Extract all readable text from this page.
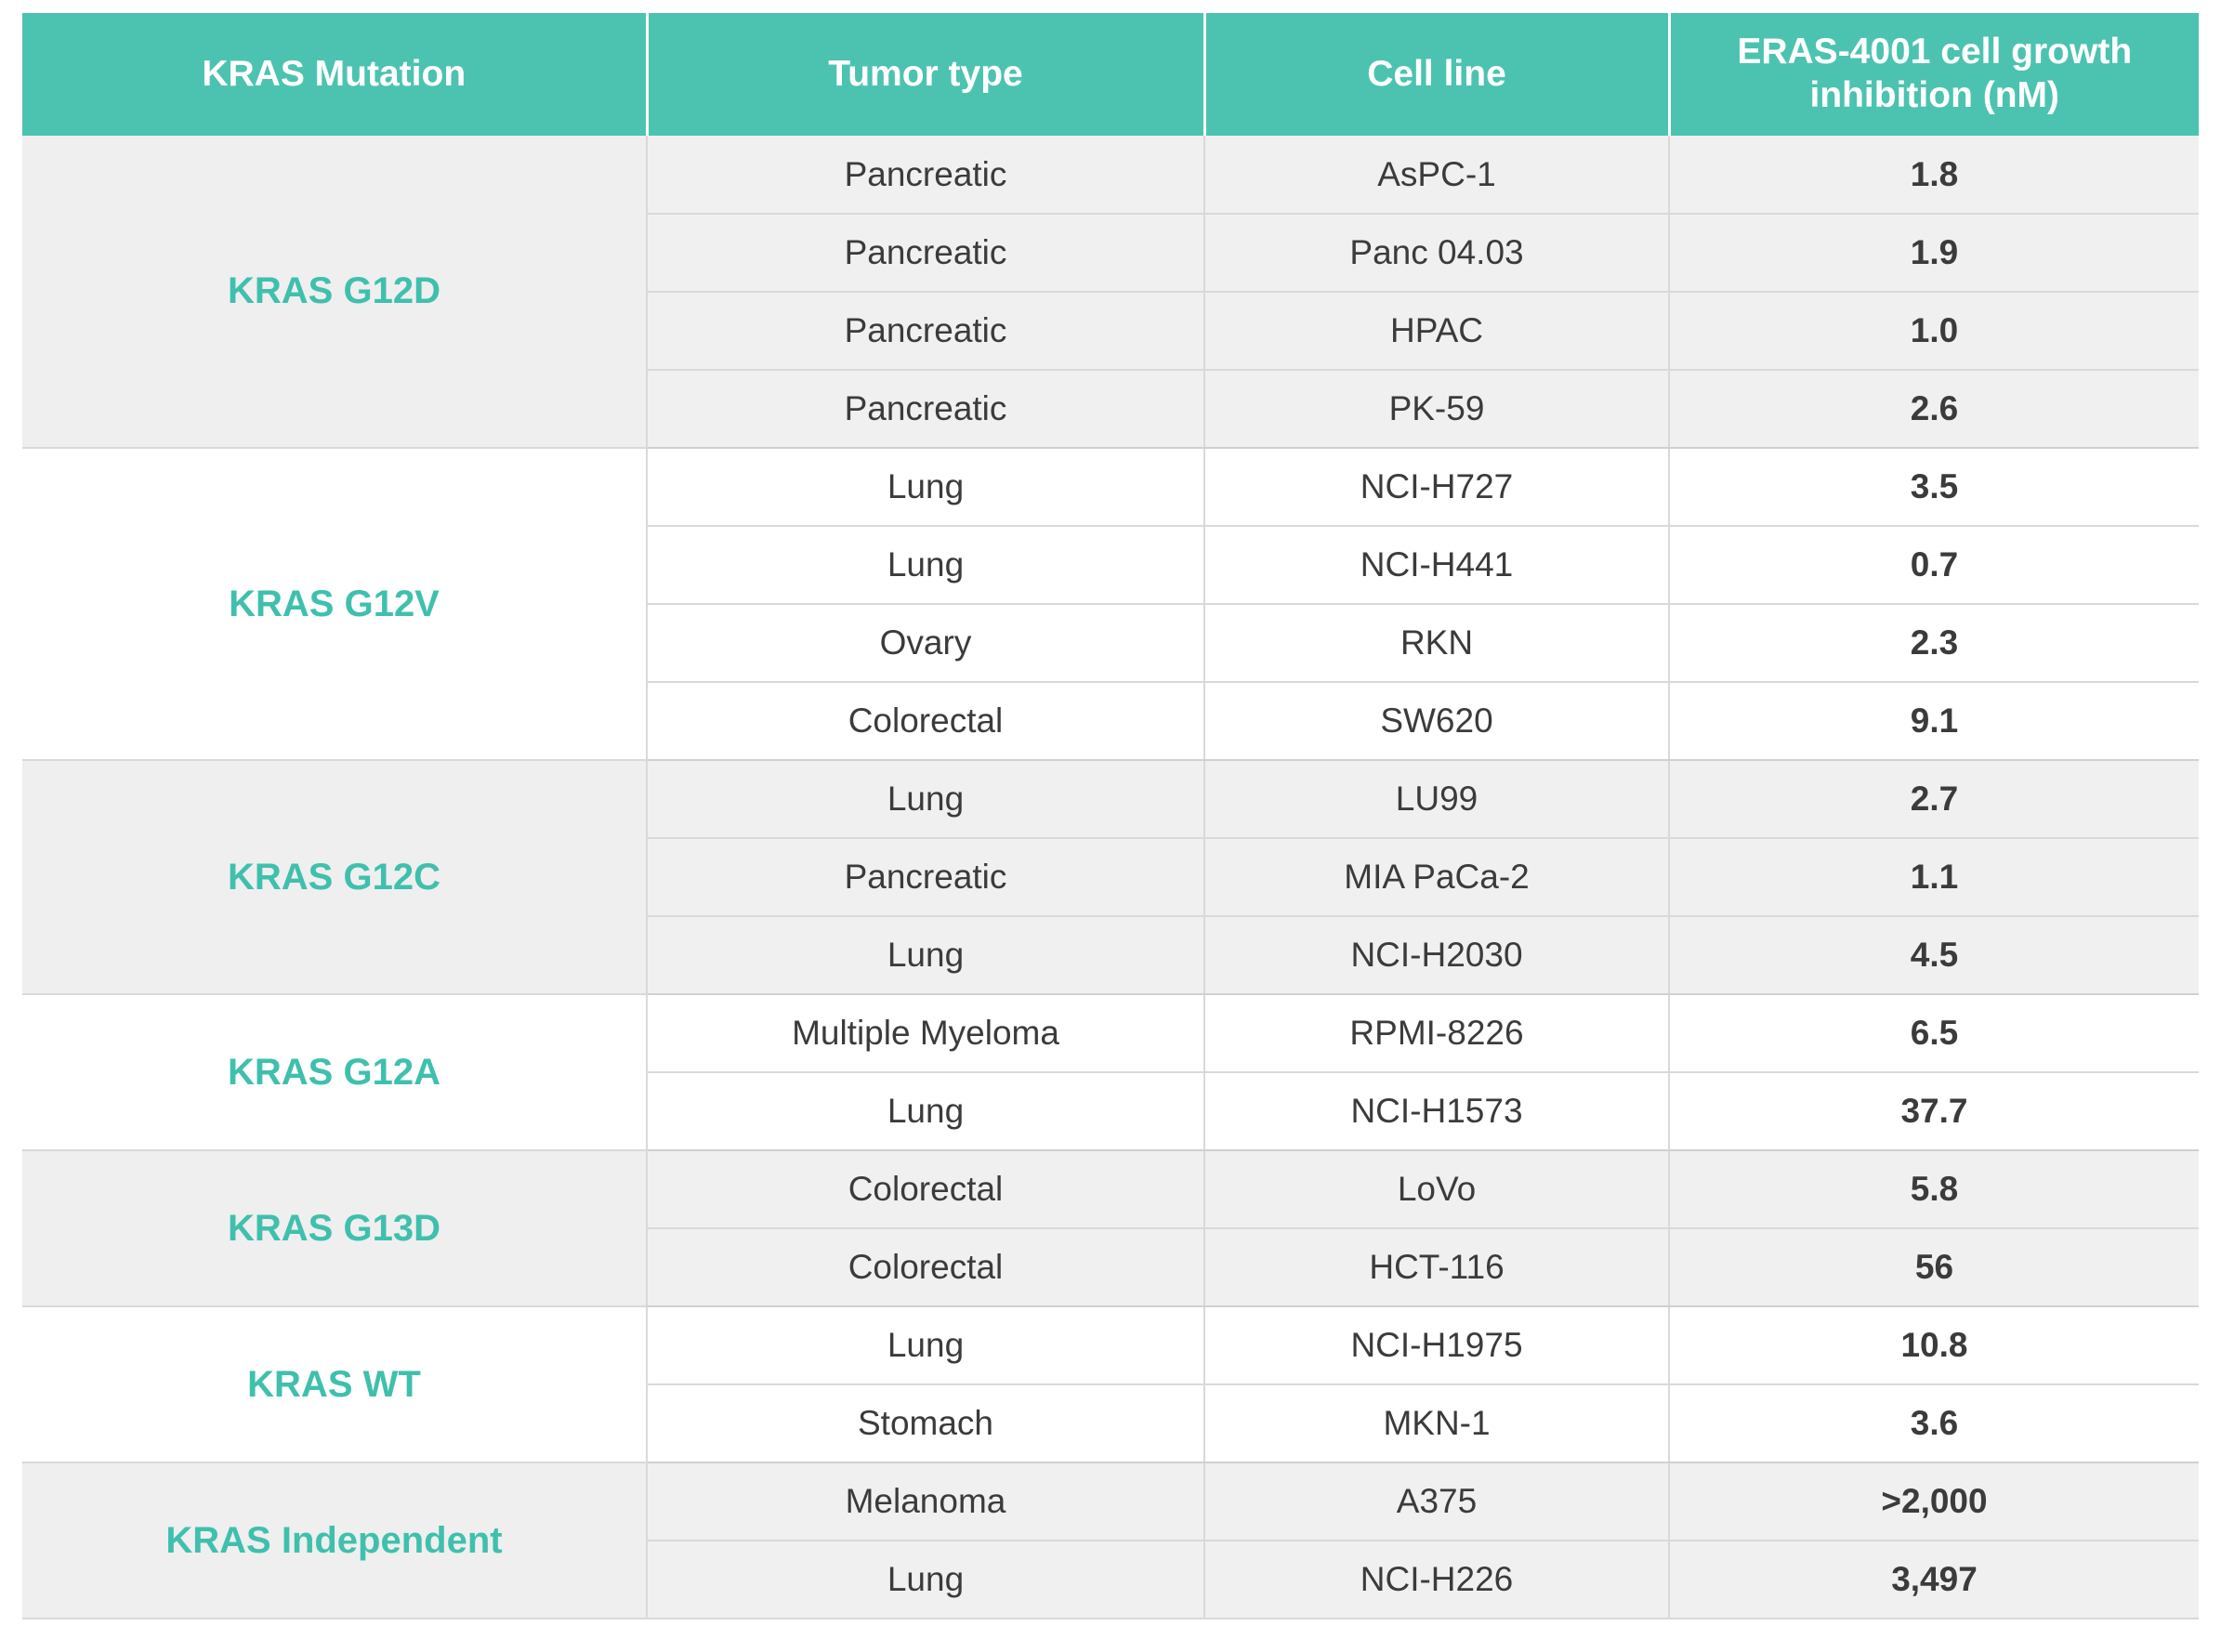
KRAS Mutation	Tumor type	Cell line	ERAS-4001 cell growth inhibition (nM)
KRAS G12D	Pancreatic	AsPC-1	1.8
	Pancreatic	Panc 04.03	1.9
	Pancreatic	HPAC	1.0
	Pancreatic	PK-59	2.6
KRAS G12V	Lung	NCI-H727	3.5
	Lung	NCI-H441	0.7
	Ovary	RKN	2.3
	Colorectal	SW620	9.1
KRAS G12C	Lung	LU99	2.7
	Pancreatic	MIA PaCa-2	1.1
	Lung	NCI-H2030	4.5
KRAS G12A	Multiple Myeloma	RPMI-8226	6.5
	Lung	NCI-H1573	37.7
KRAS G13D	Colorectal	LoVo	5.8
	Colorectal	HCT-116	56
KRAS WT	Lung	NCI-H1975	10.8
	Stomach	MKN-1	3.6
KRAS Independent	Melanoma	A375	>2,000
	Lung	NCI-H226	3,497
